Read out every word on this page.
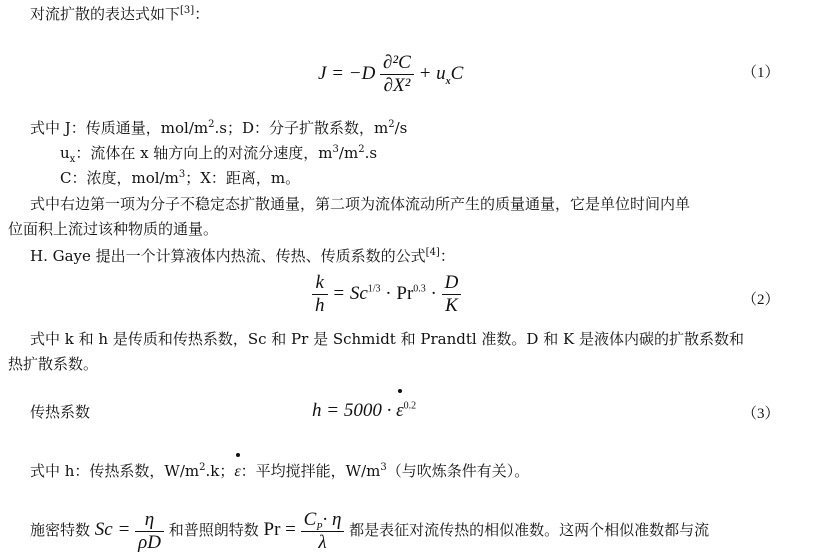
对流扩散的表达式如下[3]：
$J = -D \frac{\text{∂²C}}{\text{∂X²}} + u_xC$	（1）
式中 J：传质通量，mol/$m^2.s$；D：分子扩散系数，$m^2/s$
$u_x$：流体在 x 轴方向上的对流分速度，$m^3/m^2.s$
C：浓度，mol/$m^3$；X：距离，m。
式中右边第一项为分子不稳定态扩散通量，第二项为流体流动所产生的质量通量，它是单位时间内单
位面积上流过该种物质的通量。
H. Gaye 提出一个计算液体内热流、传热、传质系数的公式[4]：
$\frac{k}{h} = Sc^{1/3} \cdot Pr^{0.3} \cdot \frac{D}{K}$	（2）
式中 k 和 h 是传质和传热系数，Sc 和 Pr 是 Schmidt 和 Prandtl 准数。D 和 K 是液体内碳的扩散系数和
热扩散系数。
传热系数	$h = 5000 \cdot \varepsilon^{0.2}$	（3）
式中 h：传热系数，$W/m^2.k$；ε：平均搅拌能，$W/m^3$（与吹炼条件有关）。
施密特数 $Sc = \frac{\eta}{\rho D}$ 和普照朗特数 $Pr = \frac{C_P\cdot \eta}{\lambda}$ 都是表征对流传热的相似准数。这两个相似准数都与流
